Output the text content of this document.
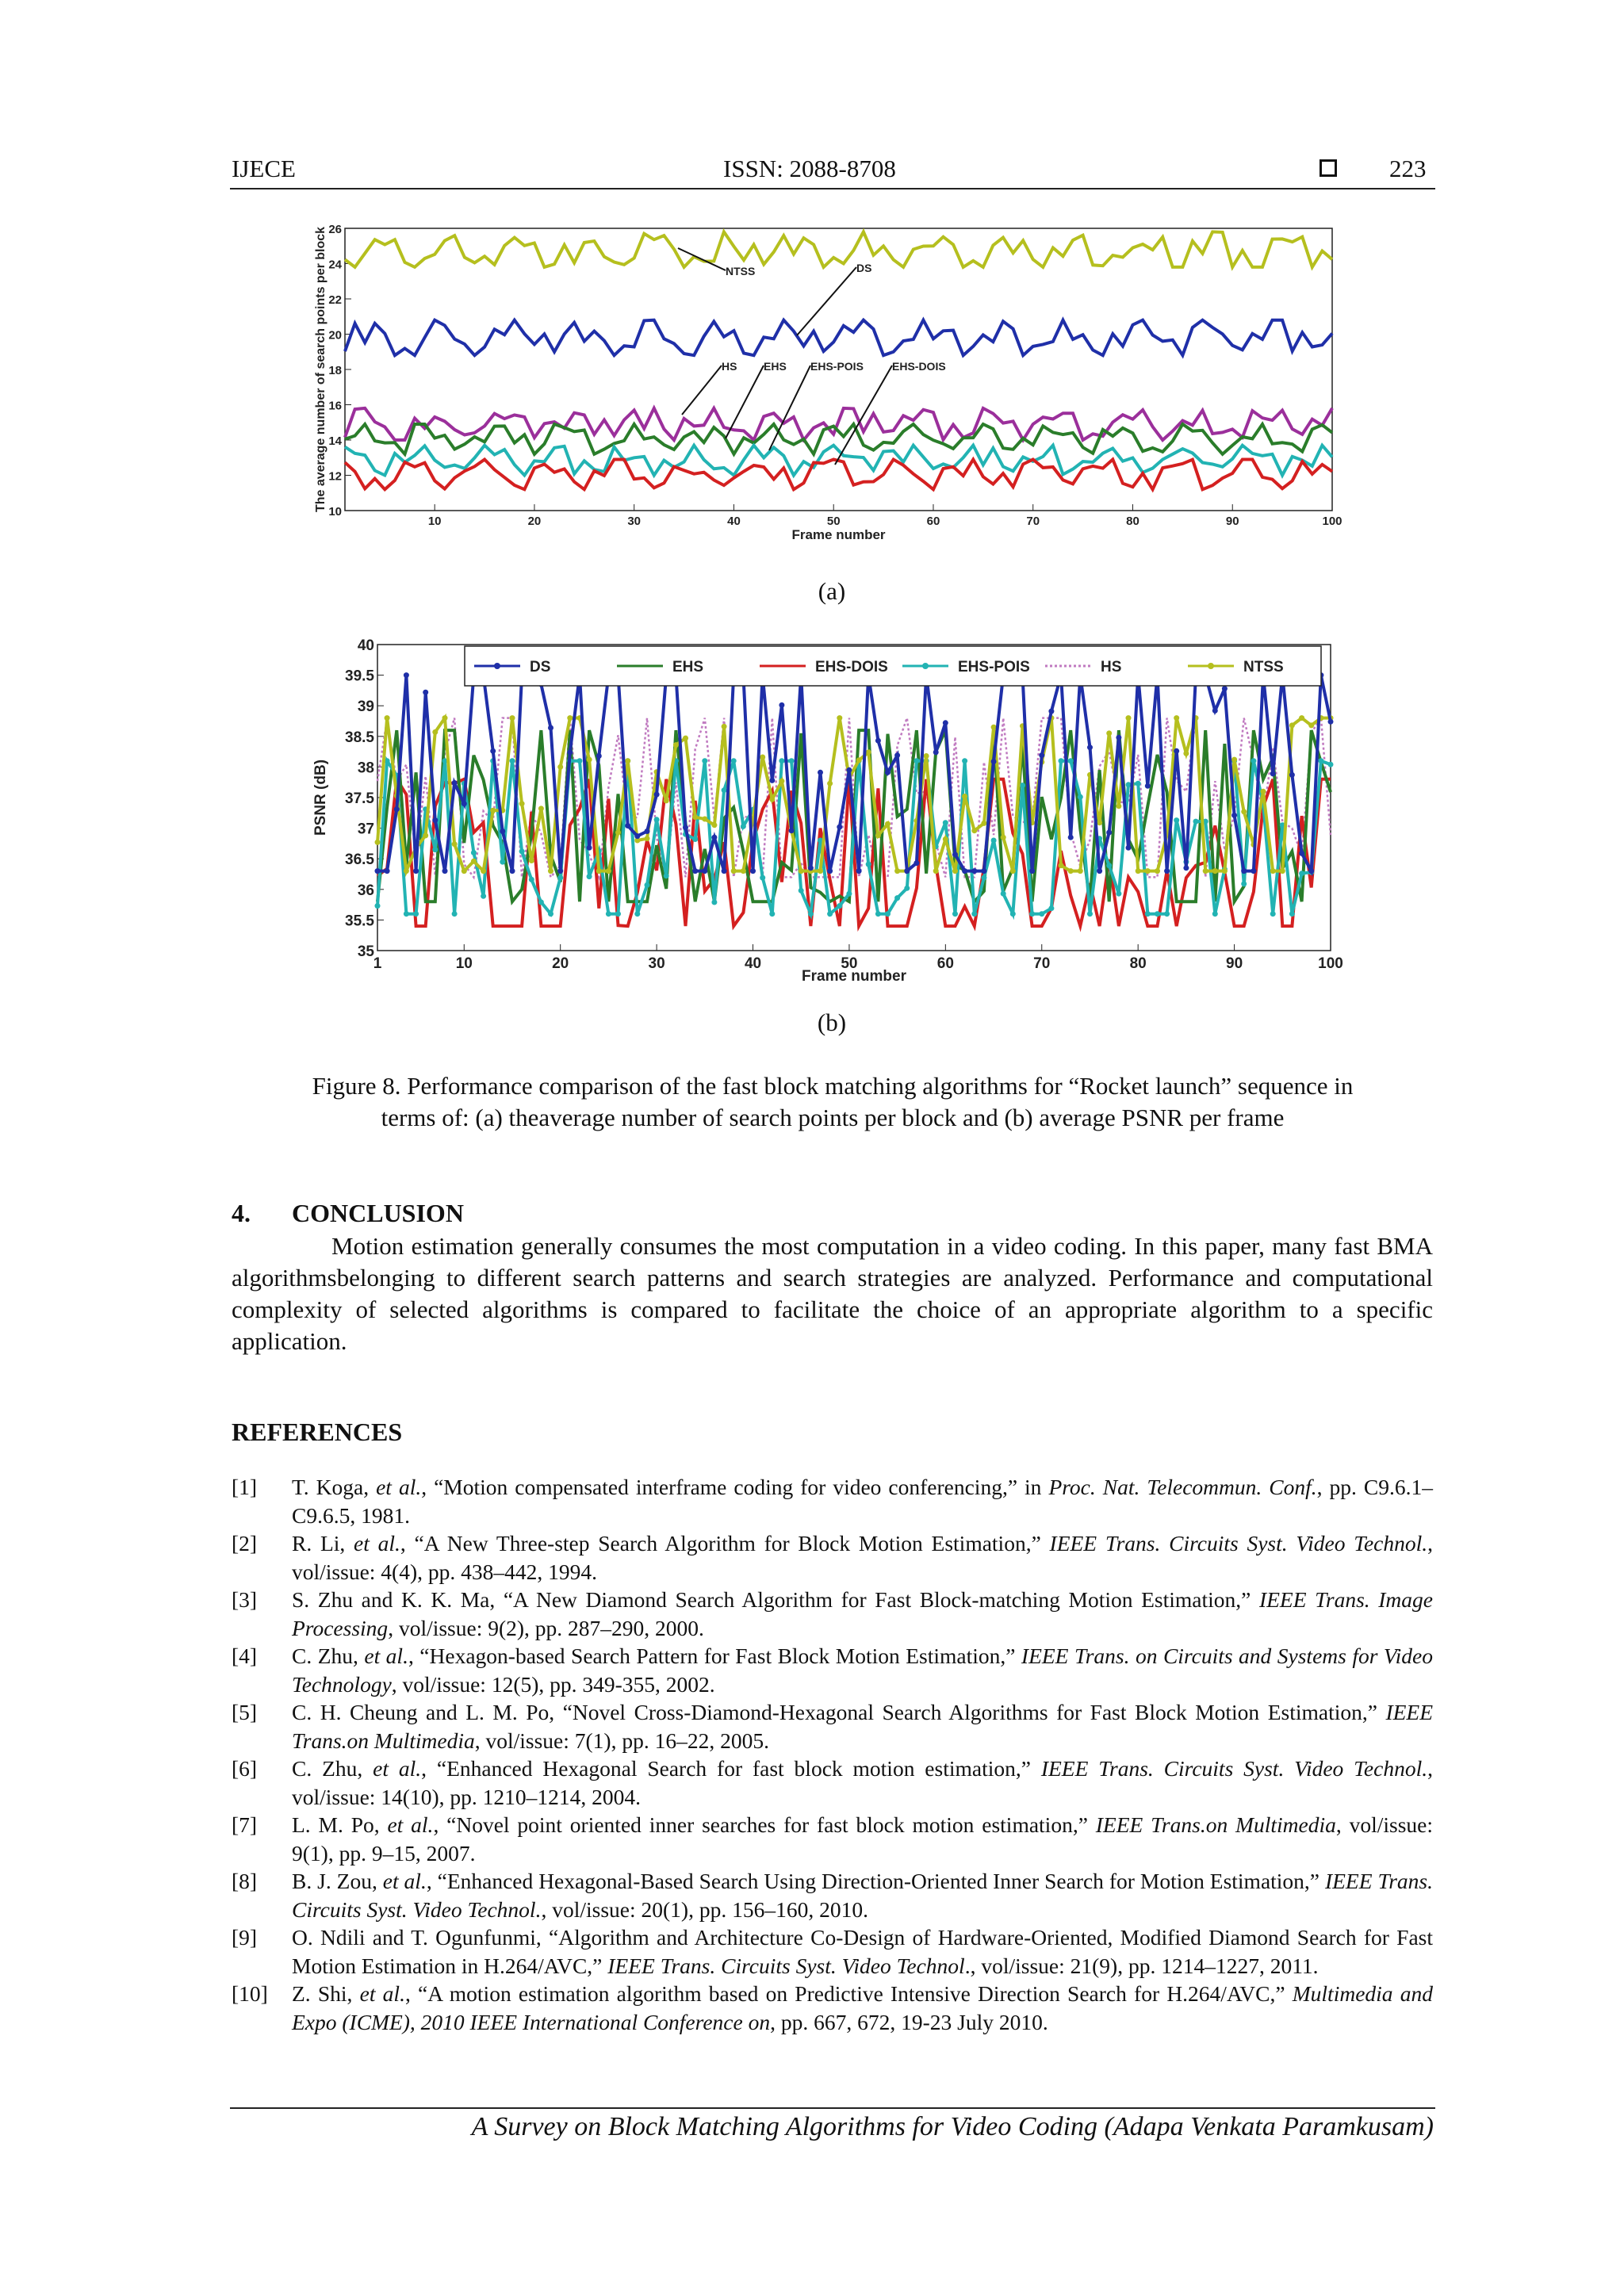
IJECE	ISSN: 2088-8708	223
10
12
14
16
18
20
22
24
26
10	20	30	40	50	60	70	80	90	100
Frame number
The average number of search points per block	NTSS	DS
HS EHS EHS-POIS	EHS-DOIS
(a)
35
35.5
36
36.5
37
37.5
38
38.5
39
39.5
40
1	10	20	30	40	50	60	70	80	90	100
Frame number
PSNR (dB)
DS	EHS	EHS-DOIS	EHS-POIS	HS	NTSS
(b)
Figure 8. Performance comparison of the fast block matching algorithms for “Rocket launch” sequence in
terms of: (a) theaverage number of search points per block and (b) average PSNR per frame
4. CONCLUSION
Motion estimation generally consumes the most computation in a video coding. In this paper, many fast BMA algorithmsbelonging to different search patterns and search strategies are analyzed. Performance and computational complexity of selected algorithms is compared to facilitate the choice of an appropriate algorithm to a specific application.
REFERENCES
[1] T. Koga, et al., “Motion compensated interframe coding for video conferencing,” in Proc. Nat. Telecommun. Conf., pp. C9.6.1–C9.6.5, 1981.
[2] R. Li, et al., “A New Three-step Search Algorithm for Block Motion Estimation,” IEEE Trans. Circuits Syst. Video Technol., vol/issue: 4(4), pp. 438–442, 1994.
[3] S. Zhu and K. K. Ma, “A New Diamond Search Algorithm for Fast Block-matching Motion Estimation,” IEEE Trans. Image Processing, vol/issue: 9(2), pp. 287–290, 2000.
[4] C. Zhu, et al., “Hexagon-based Search Pattern for Fast Block Motion Estimation,” IEEE Trans. on Circuits and Systems for Video Technology, vol/issue: 12(5), pp. 349-355, 2002.
[5] C. H. Cheung and L. M. Po, “Novel Cross-Diamond-Hexagonal Search Algorithms for Fast Block Motion Estimation,” IEEE Trans.on Multimedia, vol/issue: 7(1), pp. 16–22, 2005.
[6] C. Zhu, et al., “Enhanced Hexagonal Search for fast block motion estimation,” IEEE Trans. Circuits Syst. Video Technol., vol/issue: 14(10), pp. 1210–1214, 2004.
[7] L. M. Po, et al., “Novel point oriented inner searches for fast block motion estimation,” IEEE Trans.on Multimedia, vol/issue: 9(1), pp. 9–15, 2007.
[8] B. J. Zou, et al., “Enhanced Hexagonal-Based Search Using Direction-Oriented Inner Search for Motion Estimation,” IEEE Trans. Circuits Syst. Video Technol., vol/issue: 20(1), pp. 156–160, 2010.
[9] O. Ndili and T. Ogunfunmi, “Algorithm and Architecture Co-Design of Hardware-Oriented, Modified Diamond Search for Fast Motion Estimation in H.264/AVC,” IEEE Trans. Circuits Syst. Video Technol., vol/issue: 21(9), pp. 1214–1227, 2011.
[10] Z. Shi, et al., “A motion estimation algorithm based on Predictive Intensive Direction Search for H.264/AVC,” Multimedia and Expo (ICME), 2010 IEEE International Conference on, pp. 667, 672, 19-23 July 2010.
A Survey on Block Matching Algorithms for Video Coding (Adapa Venkata Paramkusam)
